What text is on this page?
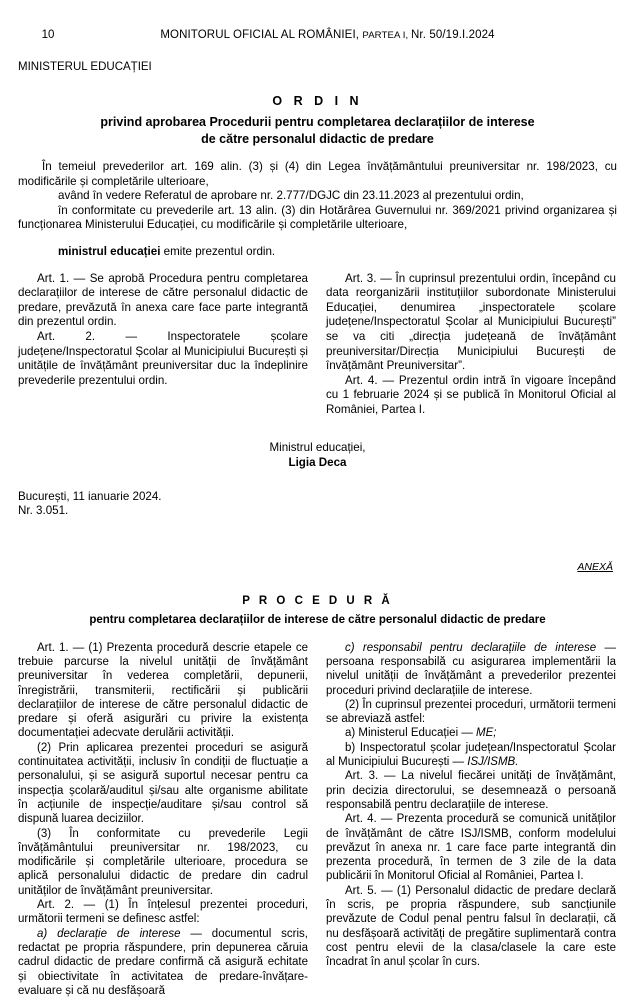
10	MONITORUL OFICIAL AL ROMÂNIEI, PARTEA I, Nr. 50/19.I.2024
MINISTERUL EDUCAȚIEI
O R D I N
privind aprobarea Procedurii pentru completarea declarațiilor de interese
de către personalul didactic de predare

În temeiul prevederilor art. 169 alin. (3) și (4) din Legea învățământului preuniversitar nr. 198/2023, cu modificările și completările ulterioare,

având în vedere Referatul de aprobare nr. 2.777/DGJC din 23.11.2023 al prezentului ordin,

în conformitate cu prevederile art. 13 alin. (3) din Hotărârea Guvernului nr. 369/2021 privind organizarea și funcționarea Ministerului Educației, cu modificările și completările ulterioare,

ministrul educației emite prezentul ordin.

Art. 1. — Se aprobă Procedura pentru completarea declarațiilor de interese de către personalul didactic de predare, prevăzută în anexa care face parte integrantă din prezentul ordin.

Art. 2. — Inspectoratele școlare județene/Inspectoratul Școlar al Municipiului București și unitățile de învățământ preuniversitar duc la îndeplinire prevederile prezentului ordin.

Art. 3. — În cuprinsul prezentului ordin, începând cu data reorganizării instituțiilor subordonate Ministerului Educației, denumirea „inspectoratele școlare județene/Inspectoratul Școlar al Municipiului București” se va citi „direcția județeană de învățământ preuniversitar/Direcția Municipiului București de învățământ Preuniversitar”.

Art. 4. — Prezentul ordin intră în vigoare începând cu 1 februarie 2024 și se publică în Monitorul Oficial al României, Partea I.

Ministrul educației,
Ligia Deca
București, 11 ianuarie 2024.
Nr. 3.051.
ANEXĂ
P R O C E D U R Ă
pentru completarea declarațiilor de interese de către personalul didactic de predare

Art. 1. — (1) Prezenta procedură descrie etapele ce trebuie parcurse la nivelul unității de învățământ preuniversitar în vederea completării, depunerii, înregistrării, transmiterii, rectificării și publicării declarațiilor de interese de către personalul didactic de predare și oferă asigurări cu privire la existența documentației adecvate derulării activității.

(2) Prin aplicarea prezentei proceduri se asigură continuitatea activității, inclusiv în condiții de fluctuație a personalului, și se asigură suportul necesar pentru ca inspecția școlară/auditul și/sau alte organisme abilitate în acțiunile de inspecție/auditare și/sau control să dispună luarea deciziilor.

(3) În conformitate cu prevederile Legii învățământului preuniversitar nr. 198/2023, cu modificările și completările ulterioare, procedura se aplică personalului didactic de predare din cadrul unităților de învățământ preuniversitar.

Art. 2. — (1) În înțelesul prezentei proceduri, următorii termeni se definesc astfel:

a) declarație de interese — documentul scris, redactat pe propria răspundere, prin depunerea căruia cadrul didactic de predare confirmă că asigură echitate și obiectivitate în activitatea de predare-învățare-evaluare și că nu desfășoară

c) responsabil pentru declarațiile de interese — persoana responsabilă cu asigurarea implementării la nivelul unității de învățământ a prevederilor prezentei proceduri privind declarațiile de interese.

(2) În cuprinsul prezentei proceduri, următorii termeni se abreviază astfel:

a) Ministerul Educației — ME;

b) Inspectoratul școlar județean/Inspectoratul Școlar al Municipiului București — ISJ/ISMB.

Art. 3. — La nivelul fiecărei unități de învățământ, prin decizia directorului, se desemnează o persoană responsabilă pentru declarațiile de interese.

Art. 4. — Prezenta procedură se comunică unităților de învățământ de către ISJ/ISMB, conform modelului prevăzut în anexa nr. 1 care face parte integrantă din prezenta procedură, în termen de 3 zile de la data publicării în Monitorul Oficial al României, Partea I.

Art. 5. — (1) Personalul didactic de predare declară în scris, pe propria răspundere, sub sancțiunile prevăzute de Codul penal pentru falsul în declarații, că nu desfășoară activități de pregătire suplimentară contra cost pentru elevii de la clasa/clasele la care este încadrat în anul școlar în curs.
